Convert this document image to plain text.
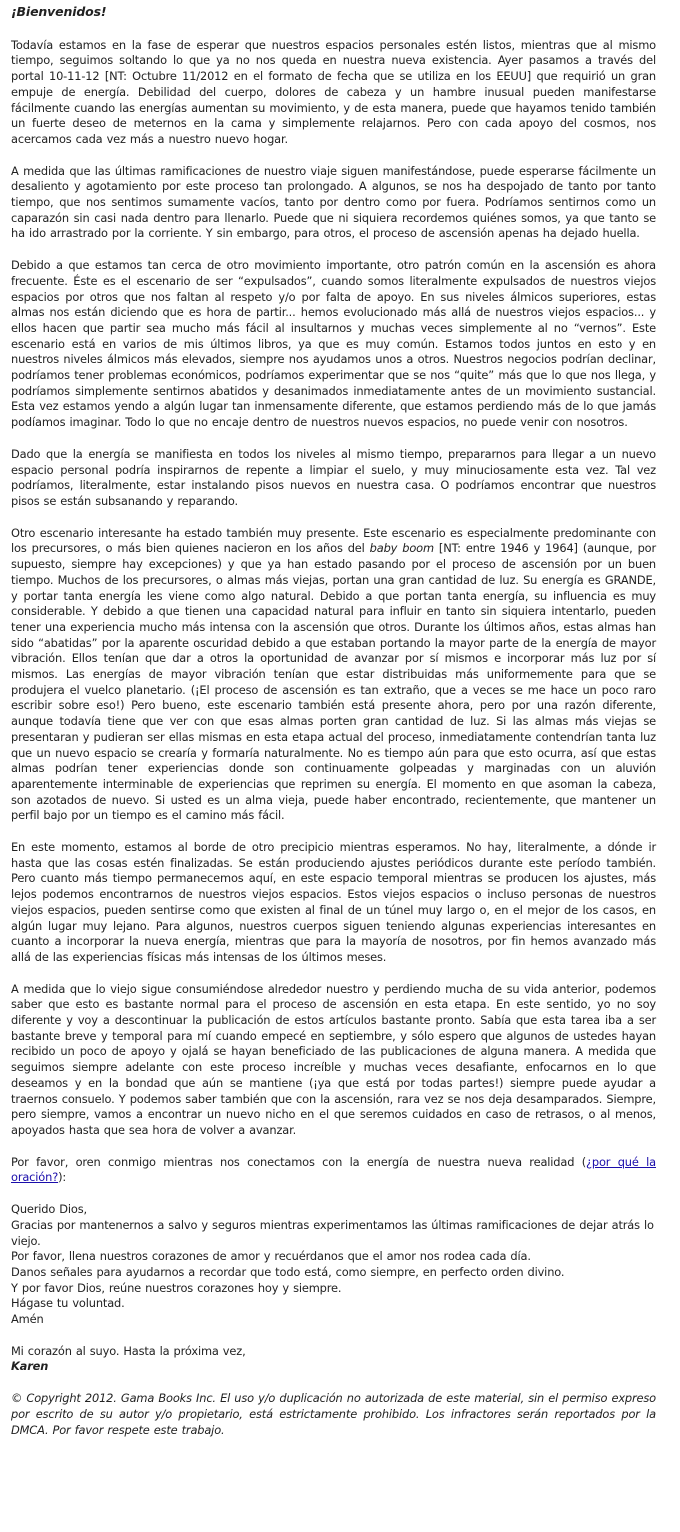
¡Bienvenidos!

Todavía estamos en la fase de esperar que nuestros espacios personales estén listos, mientras que al mismo tiempo, seguimos soltando lo que ya no nos queda en nuestra nueva existencia. Ayer pasamos a través del portal 10-11-12 [NT: Octubre 11/2012 en el formato de fecha que se utiliza en los EEUU] que requirió un gran empuje de energía. Debilidad del cuerpo, dolores de cabeza y un hambre inusual pueden manifestarse fácilmente cuando las energías aumentan su movimiento, y de esta manera, puede que hayamos tenido también un fuerte deseo de meternos en la cama y simplemente relajarnos. Pero con cada apoyo del cosmos, nos acercamos cada vez más a nuestro nuevo hogar.

A medida que las últimas ramificaciones de nuestro viaje siguen manifestándose, puede esperarse fácilmente un desaliento y agotamiento por este proceso tan prolongado. A algunos, se nos ha despojado de tanto por tanto tiempo, que nos sentimos sumamente vacíos, tanto por dentro como por fuera. Podríamos sentirnos como un caparazón sin casi nada dentro para llenarlo. Puede que ni siquiera recordemos quiénes somos, ya que tanto se ha ido arrastrado por la corriente. Y sin embargo, para otros, el proceso de ascensión apenas ha dejado huella.

Debido a que estamos tan cerca de otro movimiento importante, otro patrón común en la ascensión es ahora frecuente. Éste es el escenario de ser “expulsados”, cuando somos literalmente expulsados de nuestros viejos espacios por otros que nos faltan al respeto y/o por falta de apoyo. En sus niveles álmicos superiores, estas almas nos están diciendo que es hora de partir... hemos evolucionado más allá de nuestros viejos espacios... y ellos hacen que partir sea mucho más fácil al insultarnos y muchas veces simplemente al no “vernos”. Este escenario está en varios de mis últimos libros, ya que es muy común. Estamos todos juntos en esto y en nuestros niveles álmicos más elevados, siempre nos ayudamos unos a otros. Nuestros negocios podrían declinar, podríamos tener problemas económicos, podríamos experimentar que se nos “quite” más que lo que nos llega, y podríamos simplemente sentirnos abatidos y desanimados inmediatamente antes de un movimiento sustancial. Esta vez estamos yendo a algún lugar tan inmensamente diferente, que estamos perdiendo más de lo que jamás podíamos imaginar. Todo lo que no encaje dentro de nuestros nuevos espacios, no puede venir con nosotros.

Dado que la energía se manifiesta en todos los niveles al mismo tiempo, prepararnos para llegar a un nuevo espacio personal podría inspirarnos de repente a limpiar el suelo, y muy minuciosamente esta vez. Tal vez podríamos, literalmente, estar instalando pisos nuevos en nuestra casa. O podríamos encontrar que nuestros pisos se están subsanando y reparando.

Otro escenario interesante ha estado también muy presente. Este escenario es especialmente predominante con los precursores, o más bien quienes nacieron en los años del baby boom [NT: entre 1946 y 1964] (aunque, por supuesto, siempre hay excepciones) y que ya han estado pasando por el proceso de ascensión por un buen tiempo. Muchos de los precursores, o almas más viejas, portan una gran cantidad de luz. Su energía es GRANDE, y portar tanta energía les viene como algo natural. Debido a que portan tanta energía, su influencia es muy considerable. Y debido a que tienen una capacidad natural para influir en tanto sin siquiera intentarlo, pueden tener una experiencia mucho más intensa con la ascensión que otros. Durante los últimos años, estas almas han sido “abatidas” por la aparente oscuridad debido a que estaban portando la mayor parte de la energía de mayor vibración. Ellos tenían que dar a otros la oportunidad de avanzar por sí mismos e incorporar más luz por sí mismos. Las energías de mayor vibración tenían que estar distribuidas más uniformemente para que se produjera el vuelco planetario. (¡El proceso de ascensión es tan extraño, que a veces se me hace un poco raro escribir sobre eso!) Pero bueno, este escenario también está presente ahora, pero por una razón diferente, aunque todavía tiene que ver con que esas almas porten gran cantidad de luz. Si las almas más viejas se presentaran y pudieran ser ellas mismas en esta etapa actual del proceso, inmediatamente contendrían tanta luz que un nuevo espacio se crearía y formaría naturalmente. No es tiempo aún para que esto ocurra, así que estas almas podrían tener experiencias donde son continuamente golpeadas y marginadas con un aluvión aparentemente interminable de experiencias que reprimen su energía. El momento en que asoman la cabeza, son azotados de nuevo. Si usted es un alma vieja, puede haber encontrado, recientemente, que mantener un perfil bajo por un tiempo es el camino más fácil.

En este momento, estamos al borde de otro precipicio mientras esperamos. No hay, literalmente, a dónde ir hasta que las cosas estén finalizadas. Se están produciendo ajustes periódicos durante este período también. Pero cuanto más tiempo permanecemos aquí, en este espacio temporal mientras se producen los ajustes, más lejos podemos encontrarnos de nuestros viejos espacios. Estos viejos espacios o incluso personas de nuestros viejos espacios, pueden sentirse como que existen al final de un túnel muy largo o, en el mejor de los casos, en algún lugar muy lejano. Para algunos, nuestros cuerpos siguen teniendo algunas experiencias interesantes en cuanto a incorporar la nueva energía, mientras que para la mayoría de nosotros, por fin hemos avanzado más allá de las experiencias físicas más intensas de los últimos meses.

A medida que lo viejo sigue consumiéndose alrededor nuestro y perdiendo mucha de su vida anterior, podemos saber que esto es bastante normal para el proceso de ascensión en esta etapa. En este sentido, yo no soy diferente y voy a descontinuar la publicación de estos artículos bastante pronto. Sabía que esta tarea iba a ser bastante breve y temporal para mí cuando empecé en septiembre, y sólo espero que algunos de ustedes hayan recibido un poco de apoyo y ojalá se hayan beneficiado de las publicaciones de alguna manera. A medida que seguimos siempre adelante con este proceso increíble y muchas veces desafiante, enfocarnos en lo que deseamos y en la bondad que aún se mantiene (¡ya que está por todas partes!) siempre puede ayudar a traernos consuelo. Y podemos saber también que con la ascensión, rara vez se nos deja desamparados. Siempre, pero siempre, vamos a encontrar un nuevo nicho en el que seremos cuidados en caso de retrasos, o al menos, apoyados hasta que sea hora de volver a avanzar.

Por favor, oren conmigo mientras nos conectamos con la energía de nuestra nueva realidad (¿por qué la oración?):

Querido Dios,

Gracias por mantenernos a salvo y seguros mientras experimentamos las últimas ramificaciones de dejar atrás lo viejo.

Por favor, llena nuestros corazones de amor y recuérdanos que el amor nos rodea cada día.

Danos señales para ayudarnos a recordar que todo está, como siempre, en perfecto orden divino.

Y por favor Dios, reúne nuestros corazones hoy y siempre.

Hágase tu voluntad.

Amén

Mi corazón al suyo. Hasta la próxima vez,
Karen

© Copyright 2012. Gama Books Inc. El uso y/o duplicación no autorizada de este material, sin el permiso expreso por escrito de su autor y/o propietario, está estrictamente prohibido. Los infractores serán reportados por la DMCA. Por favor respete este trabajo.
